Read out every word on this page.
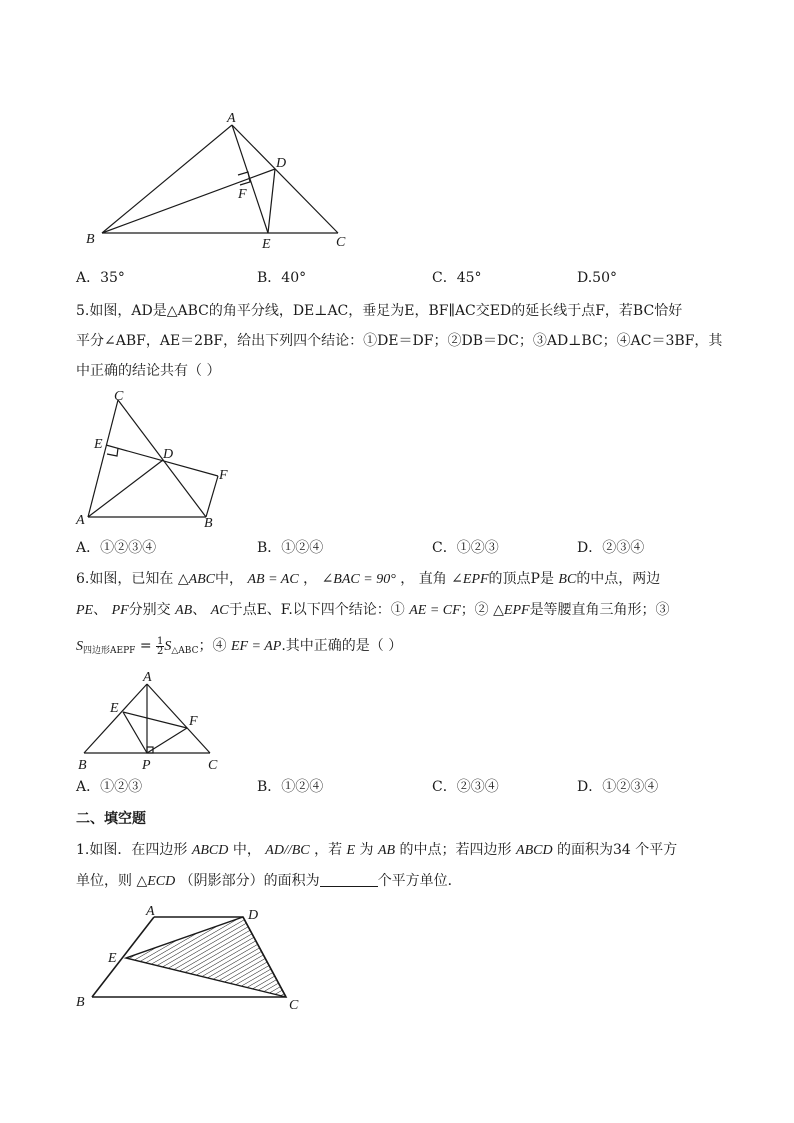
A
B	C
D
E
F
A．35°	B．40°	C．45°	D.50°
5.如图，AD是△ABC的角平分线，DE⊥AC，垂足为E，BF∥AC交ED的延长线于点F，若BC恰好
平分∠ABF，AE＝2BF，给出下列四个结论：①DE＝DF；②DB＝DC；③AD⊥BC；④AC＝3BF，其
中正确的结论共有（ ）
C
E
D
F
A	B
A．①②③④	B．①②④	C．①②③	D．②③④
6.如图，已知在 △ABC中， AB = AC ， ∠BAC = 90° ， 直角 ∠EPF的顶点P是 BC的中点，两边
PE、 PF分别交 AB、 AC于点E、F.以下四个结论：① AE = CF；② △EPF是等腰直角三角形；③
$S_{四边形AEPF} = \frac{1}{2} S_{\triangle ABC}$；④ EF = AP.其中正确的是（ ）
A
E
F
B	P	C
A．①②③	B．①②④	C．②③④	D．①②③④
二、填空题
1.如图．在四边形 ABCD 中， AD//BC ，若 E 为 AB 的中点；若四边形 ABCD 的面积为34 个平方
单位，则 △ECD （阴影部分）的面积为	个平方单位．
A	D
E
B	C
